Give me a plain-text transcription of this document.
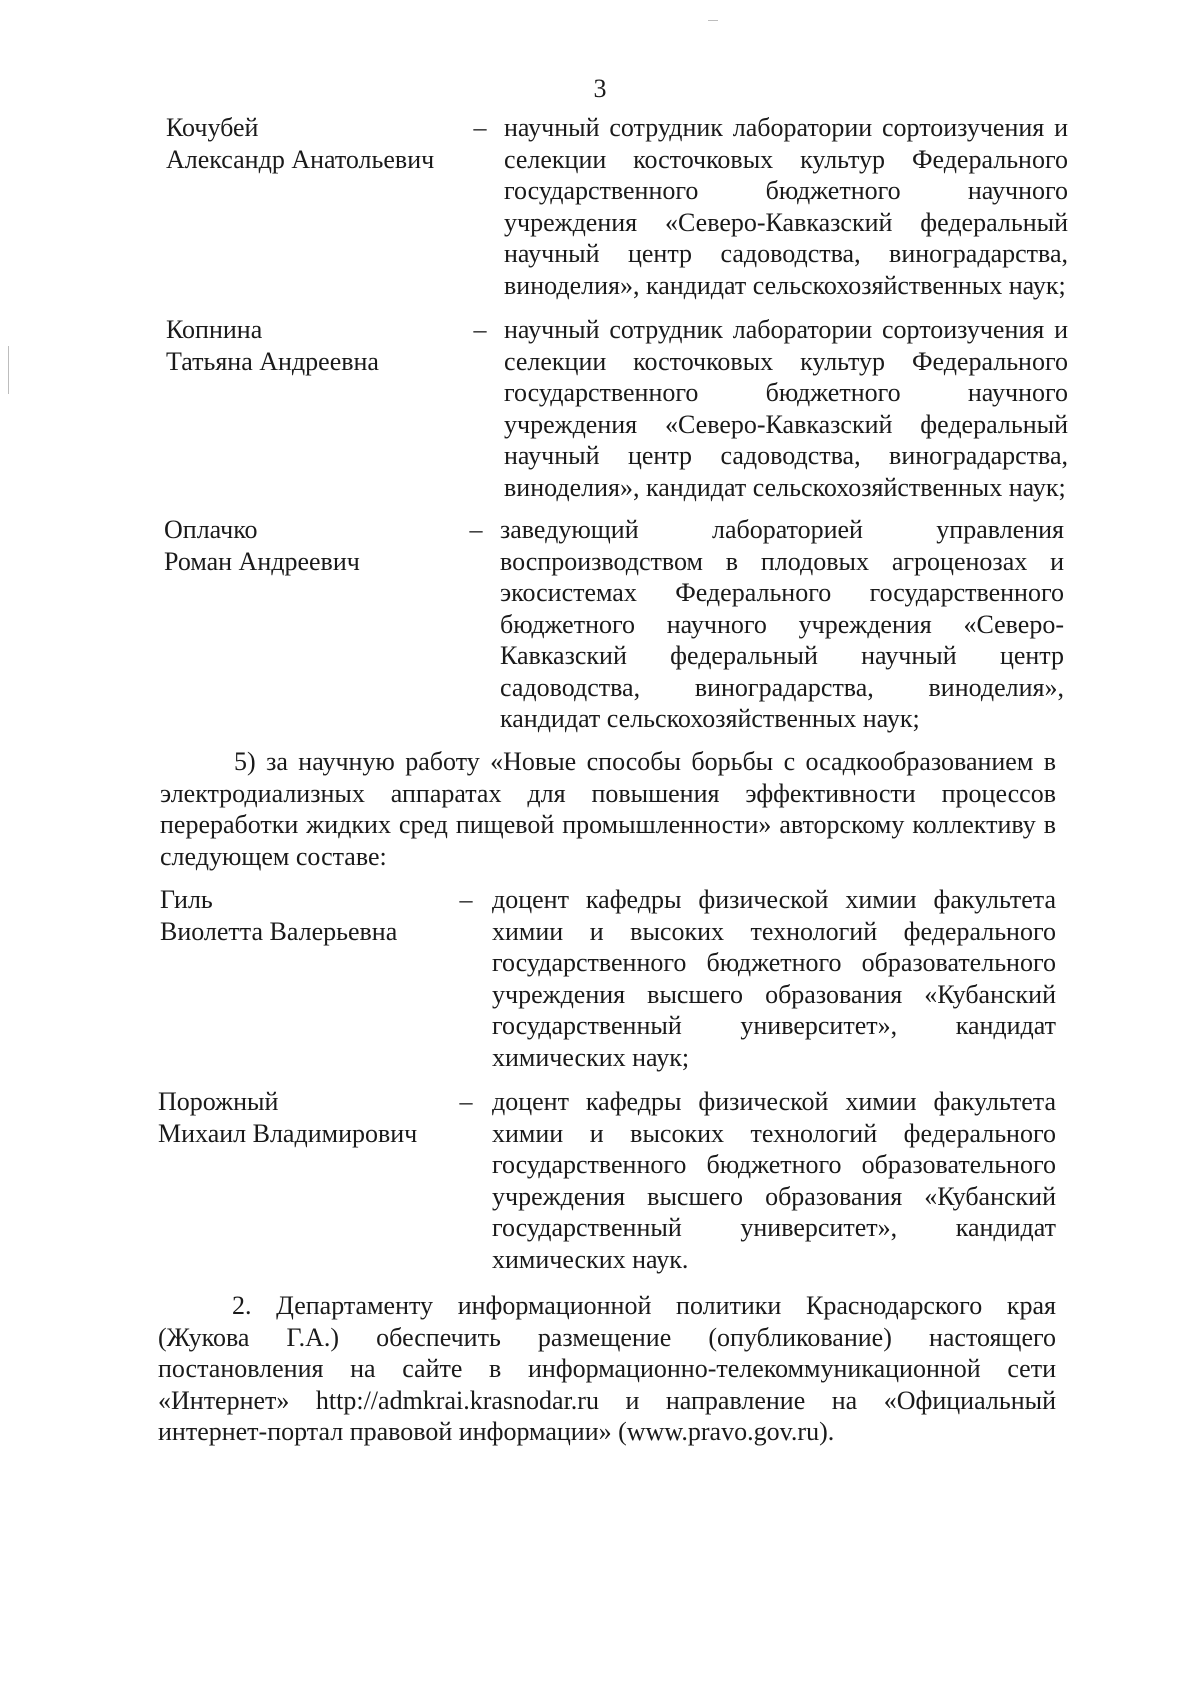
3
Кочубей
Александр Анатольевич
– научный сотрудник лаборатории сортоизучения и
селекции косточковых культур Федерального
государственного бюджетного научного
учреждения «Северо-Кавказский федеральный
научный центр садоводства, виноградарства,
виноделия», кандидат сельскохозяйственных наук;
Копнина
Татьяна Андреевна
– научный сотрудник лаборатории сортоизучения и
селекции косточковых культур Федерального
государственного бюджетного научного
учреждения «Северо-Кавказский федеральный
научный центр садоводства, виноградарства,
виноделия», кандидат сельскохозяйственных наук;
Оплачко
Роман Андреевич
– заведующий лабораторией управления
воспроизводством в плодовых агроценозах и
экосистемах Федерального государственного
бюджетного научного учреждения «Северо-
Кавказский федеральный научный центр
садоводства, виноградарства, виноделия»,
кандидат сельскохозяйственных наук;
5) за научную работу «Новые способы борьбы с осадкообразованием в
электродиализных аппаратах для повышения эффективности процессов
переработки жидких сред пищевой промышленности» авторскому коллективу в
следующем составе:
Гиль
Виолетта Валерьевна
– доцент кафедры физической химии факультета
химии и высоких технологий федерального
государственного бюджетного образовательного
учреждения высшего образования «Кубанский
государственный университет», кандидат
химических наук;
Порожный
Михаил Владимирович
– доцент кафедры физической химии факультета
химии и высоких технологий федерального
государственного бюджетного образовательного
учреждения высшего образования «Кубанский
государственный университет», кандидат
химических наук.
2. Департаменту информационной политики Краснодарского края
(Жукова Г.А.) обеспечить размещение (опубликование) настоящего
постановления на сайте в информационно-телекоммуникационной сети
«Интернет» http://admkrai.krasnodar.ru и направление на «Официальный
интернет-портал правовой информации» (www.pravo.gov.ru).
